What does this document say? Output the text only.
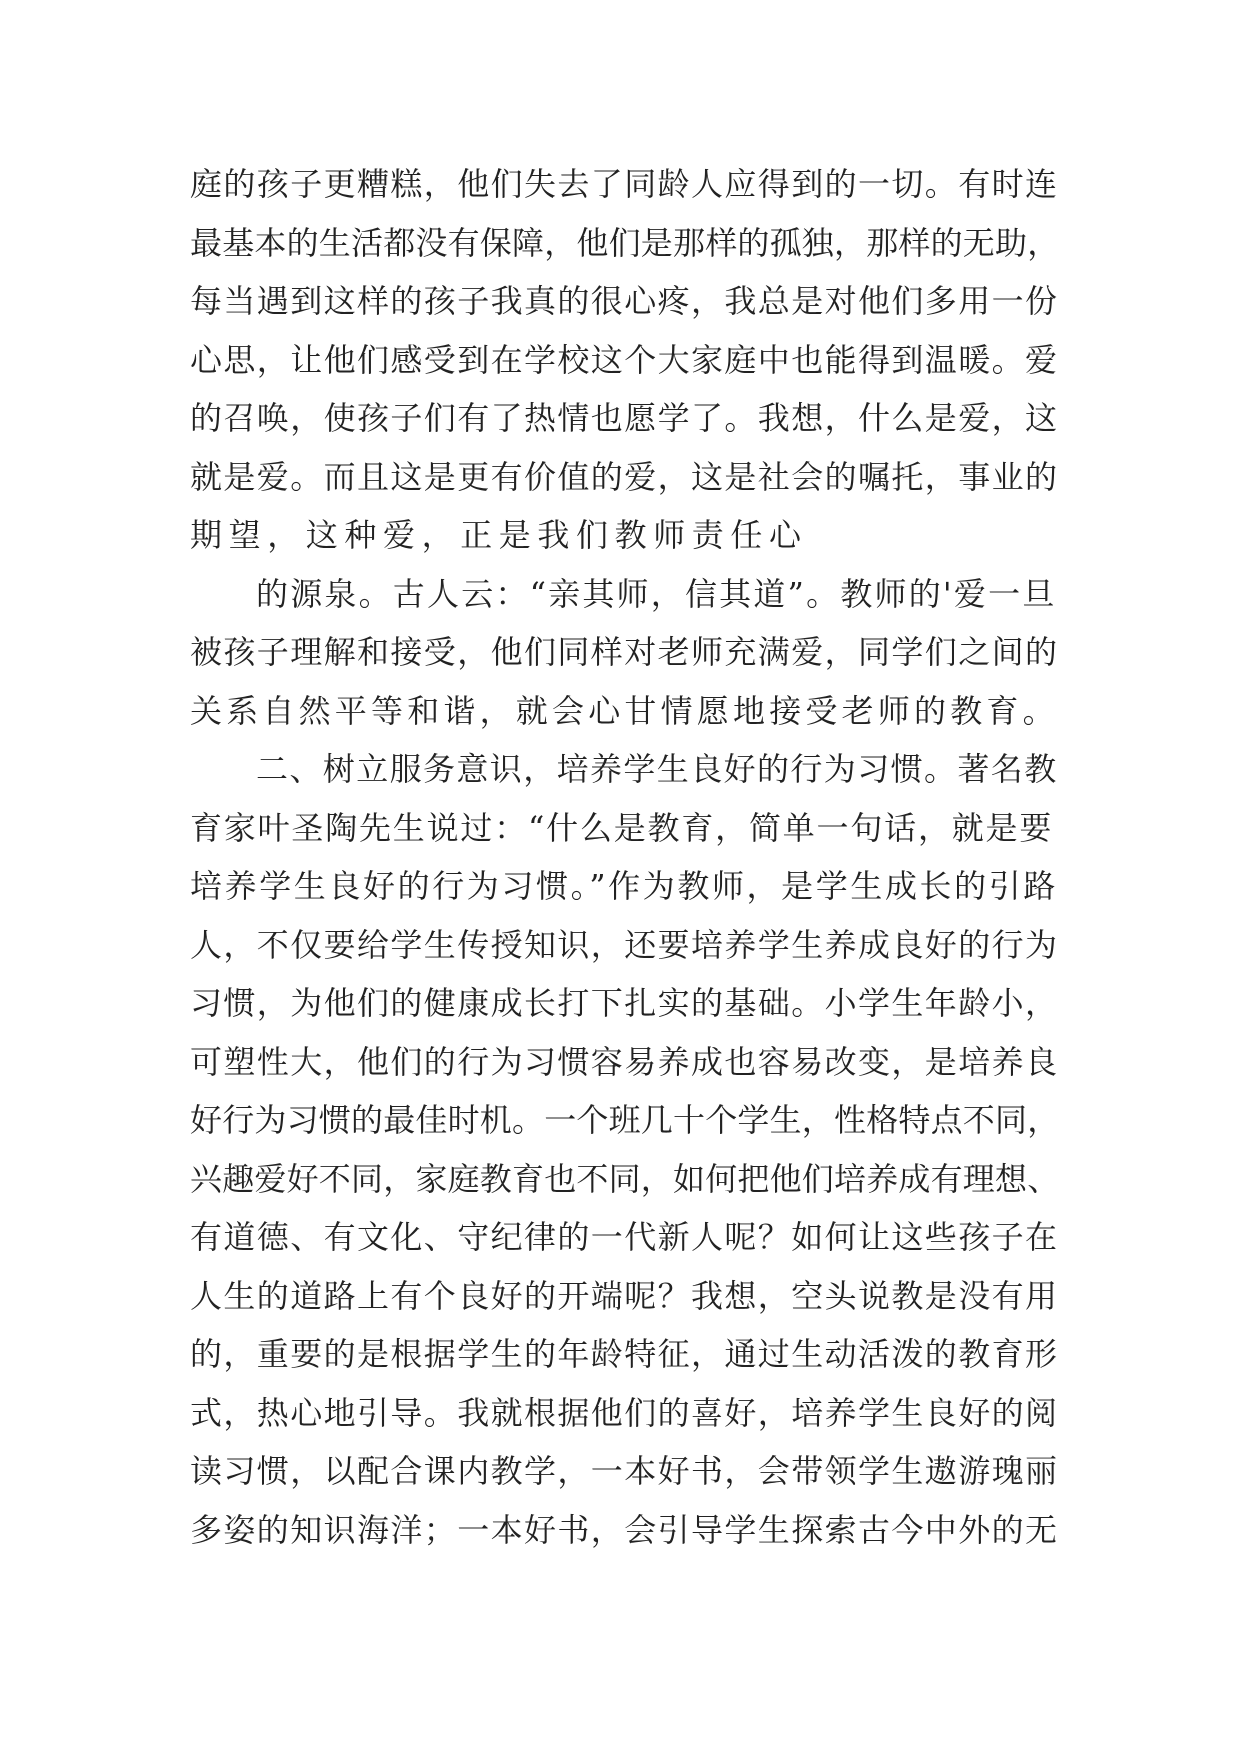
庭的孩子更糟糕，他们失去了同龄人应得到的一切。有时连
最基本的生活都没有保障，他们是那样的孤独，那样的无助，
每当遇到这样的孩子我真的很心疼，我总是对他们多用一份
心思，让他们感受到在学校这个大家庭中也能得到温暖。爱
的召唤，使孩子们有了热情也愿学了。我想，什么是爱，这
就是爱。而且这是更有价值的爱，这是社会的嘱托，事业的
期望，这种爱，正是我们教师责任心
的源泉。古人云：“亲其师，信其道”。教师的'爱一旦
被孩子理解和接受，他们同样对老师充满爱，同学们之间的
关系自然平等和谐，就会心甘情愿地接受老师的教育。
二、树立服务意识，培养学生良好的行为习惯。著名教
育家叶圣陶先生说过：“什么是教育，简单一句话，就是要
培养学生良好的行为习惯。”作为教师，是学生成长的引路
人，不仅要给学生传授知识，还要培养学生养成良好的行为
习惯，为他们的健康成长打下扎实的基础。小学生年龄小，
可塑性大，他们的行为习惯容易养成也容易改变，是培养良
好行为习惯的最佳时机。一个班几十个学生，性格特点不同，
兴趣爱好不同，家庭教育也不同，如何把他们培养成有理想、
有道德、有文化、守纪律的一代新人呢？如何让这些孩子在
人生的道路上有个良好的开端呢？我想，空头说教是没有用
的，重要的是根据学生的年龄特征，通过生动活泼的教育形
式，热心地引导。我就根据他们的喜好，培养学生良好的阅
读习惯，以配合课内教学，一本好书，会带领学生遨游瑰丽
多姿的知识海洋；一本好书，会引导学生探索古今中外的无
